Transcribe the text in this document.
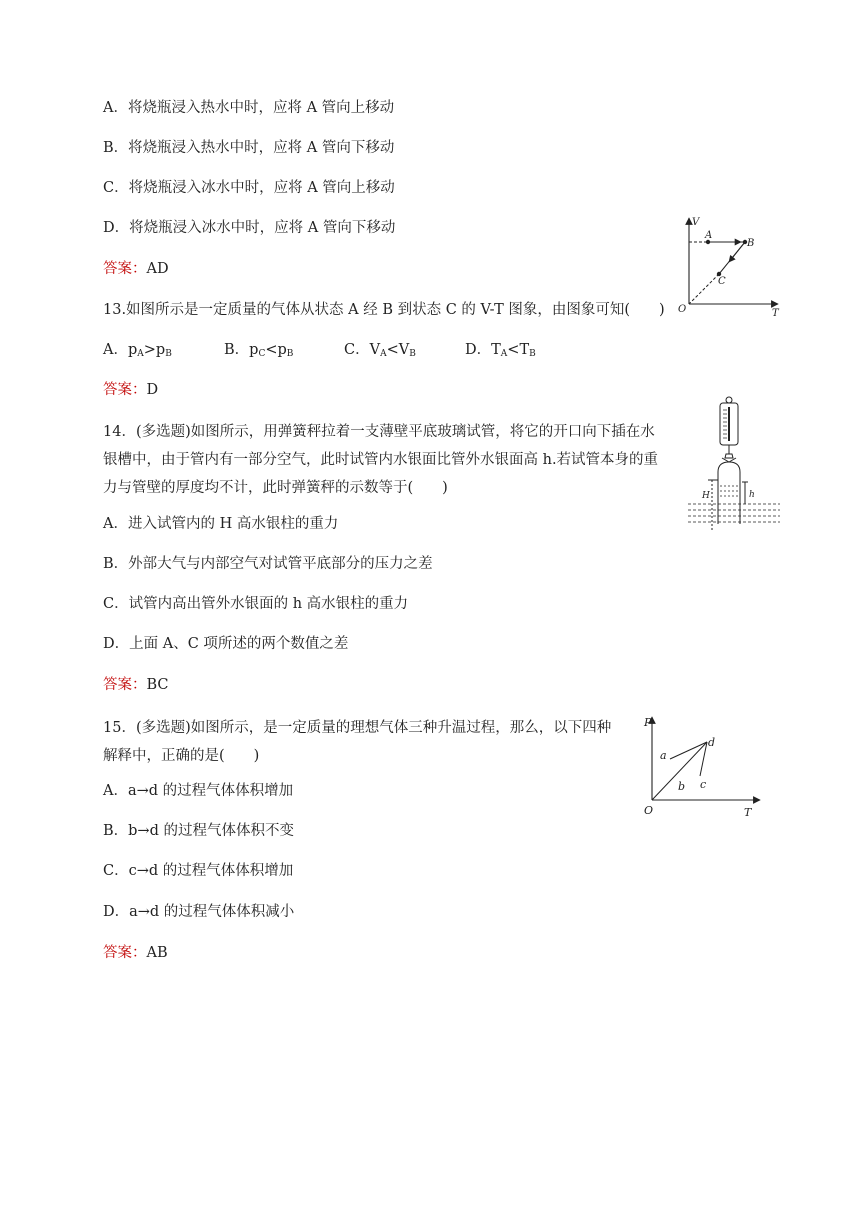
A．将烧瓶浸入热水中时，应将 A 管向上移动
B．将烧瓶浸入热水中时，应将 A 管向下移动
C．将烧瓶浸入冰水中时，应将 A 管向上移动
D．将烧瓶浸入冰水中时，应将 A 管向下移动
答案：AD
13.如图所示是一定质量的气体从状态 A 经 B 到状态 C 的 V-T 图象，由图象可知(　　)
A．$p_A>p_B$	B．$p_C<p_B$	C．$V_A<V_B$	D．$T_A<T_B$
答案：D
V
T
O
A
B
C
14．(多选题)如图所示，用弹簧秤拉着一支薄壁平底玻璃试管，将它的开口向下插在水
银槽中，由于管内有一部分空气，此时试管内水银面比管外水银面高 h.若试管本身的重
力与管壁的厚度均不计，此时弹簧秤的示数等于(　　)
A．进入试管内的 H 高水银柱的重力
B．外部大气与内部空气对试管平底部分的压力之差
C．试管内高出管外水银面的 h 高水银柱的重力
D．上面 A、C 项所述的两个数值之差
答案：BC
H	h
15．(多选题)如图所示，是一定质量的理想气体三种升温过程，那么，以下四种
解释中，正确的是(　　)
A．a→d 的过程气体体积增加
B．b→d 的过程气体体积不变
C．c→d 的过程气体体积增加
D．a→d 的过程气体体积减小
答案：AB
P
T
O
a
b c
d
